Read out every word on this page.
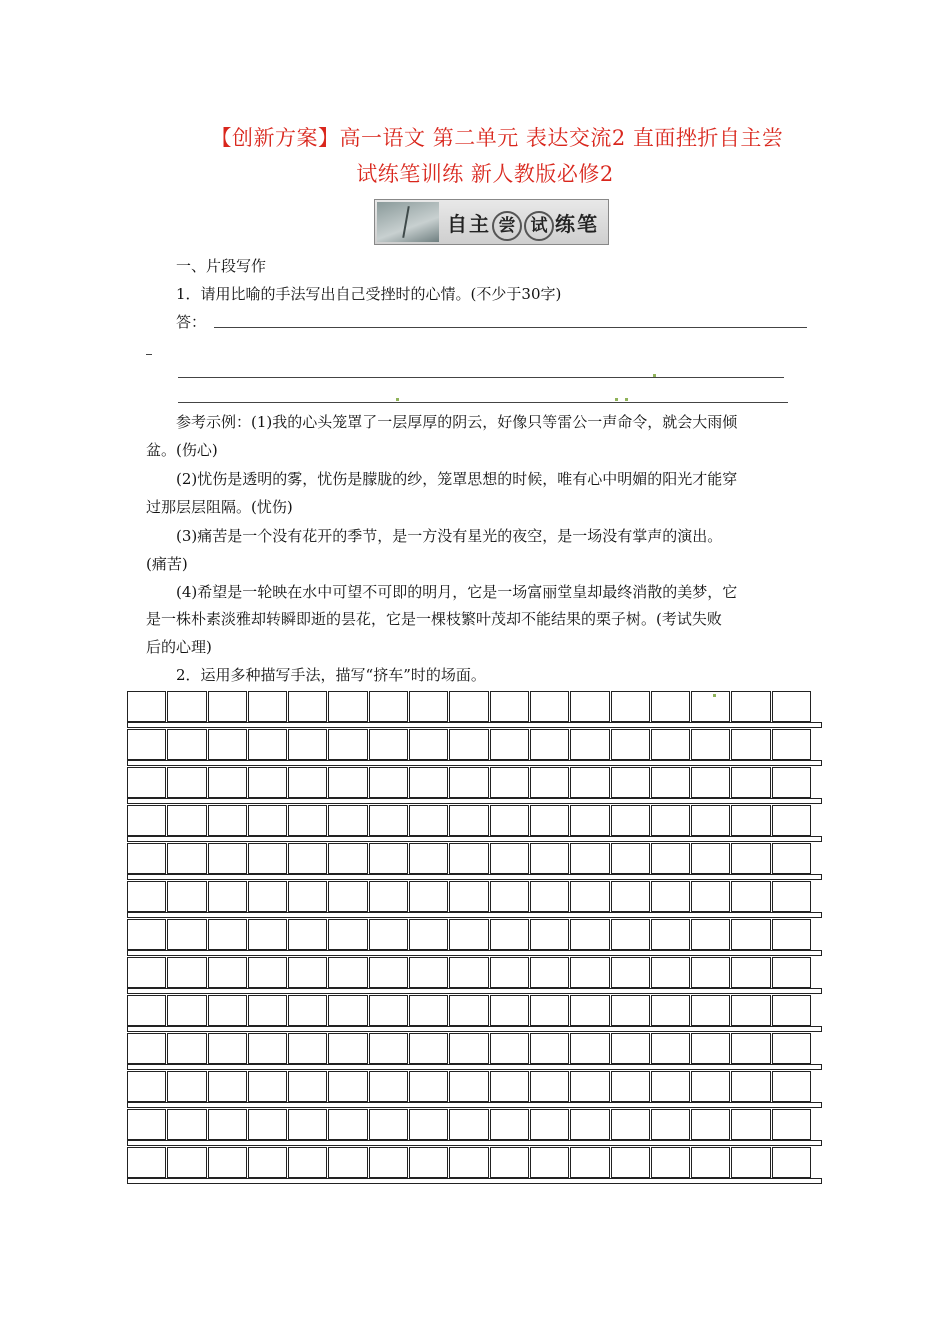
【创新方案】高一语文 第二单元 表达交流2 直面挫折自主尝
试练笔训练 新人教版必修2
自主 尝 试 练笔
一、片段写作
1．请用比喻的手法写出自己受挫时的心情。(不少于30字)
答：
参考示例：(1)我的心头笼罩了一层厚厚的阴云，好像只等雷公一声命令，就会大雨倾
盆。(伤心)
(2)忧伤是透明的雾，忧伤是朦胧的纱，笼罩思想的时候，唯有心中明媚的阳光才能穿
过那层层阻隔。(忧伤)
(3)痛苦是一个没有花开的季节，是一方没有星光的夜空，是一场没有掌声的演出。
(痛苦)
(4)希望是一轮映在水中可望不可即的明月，它是一场富丽堂皇却最终消散的美梦，它
是一株朴素淡雅却转瞬即逝的昙花，它是一棵枝繁叶茂却不能结果的栗子树。(考试失败
后的心理)
2．运用多种描写手法，描写“挤车”时的场面。
